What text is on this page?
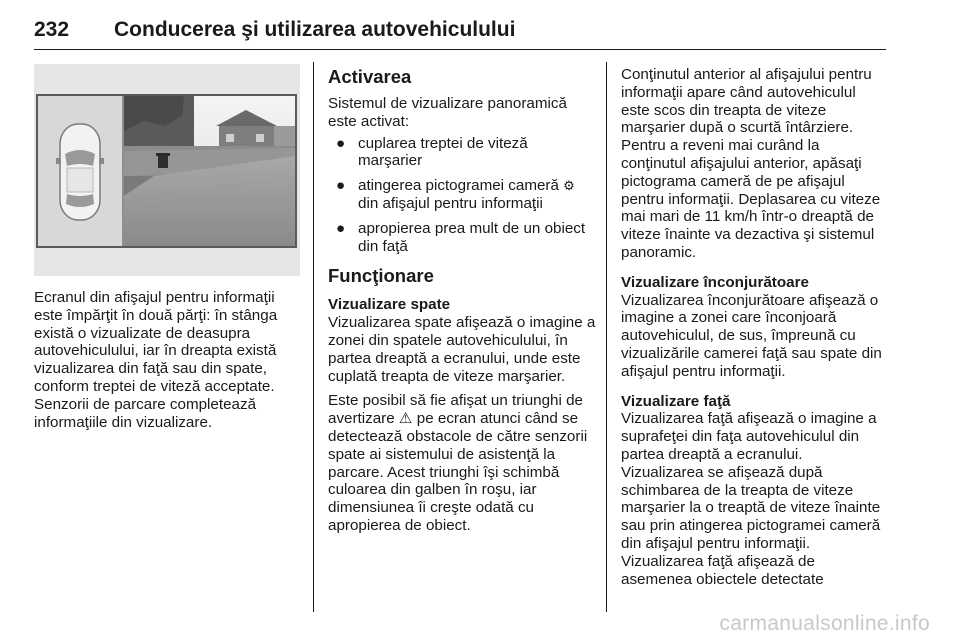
232 Conducerea şi utilizarea autovehiculului

Ecranul din afişajul pentru informaţii este împărţit în două părţi: în stânga există o vizualizate de deasupra autovehiculului, iar în dreapta există vizualizarea din faţă sau din spate, conform treptei de viteză acceptate. Senzorii de parcare completează informaţiile din vizualizare.

Activarea

Sistemul de vizualizare panoramică este activat:

● cuplarea treptei de viteză marşarier
● atingerea pictogramei cameră ⚙ din afişajul pentru informaţii
● apropierea prea mult de un obiect din faţă
Funcţionare
Vizualizare spate

Vizualizarea spate afişează o imagine a zonei din spatele autovehiculului, în partea dreaptă a ecranului, unde este cuplată treapta de viteze marşarier.

Este posibil să fie afişat un triunghi de avertizare ⚠ pe ecran atunci când se detectează obstacole de către senzorii spate ai sistemului de asistenţă la parcare. Acest triunghi îşi schimbă culoarea din galben în roşu, iar dimensiunea îi creşte odată cu apropierea de obiect.

Conţinutul anterior al afişajului pentru informaţii apare când autovehiculul este scos din treapta de viteze marşarier după o scurtă întârziere. Pentru a reveni mai curând la conţinutul afişajului anterior, apăsaţi pictograma cameră de pe afişajul pentru informaţii. Deplasarea cu viteze mai mari de 11 km/h într-o dreaptă de viteze înainte va dezactiva şi sistemul panoramic.

Vizualizare înconjurătoare

Vizualizarea înconjurătoare afişează o imagine a zonei care înconjoară autovehiculul, de sus, împreună cu vizualizările camerei faţă sau spate din afişajul pentru informaţii.

Vizualizare faţă

Vizualizarea faţă afişează o imagine a suprafeţei din faţa autovehiculul din partea dreaptă a ecranului. Vizualizarea se afişează după schimbarea de la treapta de viteze marşarier la o treaptă de viteze înainte sau prin atingerea pictogramei cameră din afişajul pentru informaţii. Vizualizarea faţă afişează de asemenea obiectele detectate

carmanualsonline.info
